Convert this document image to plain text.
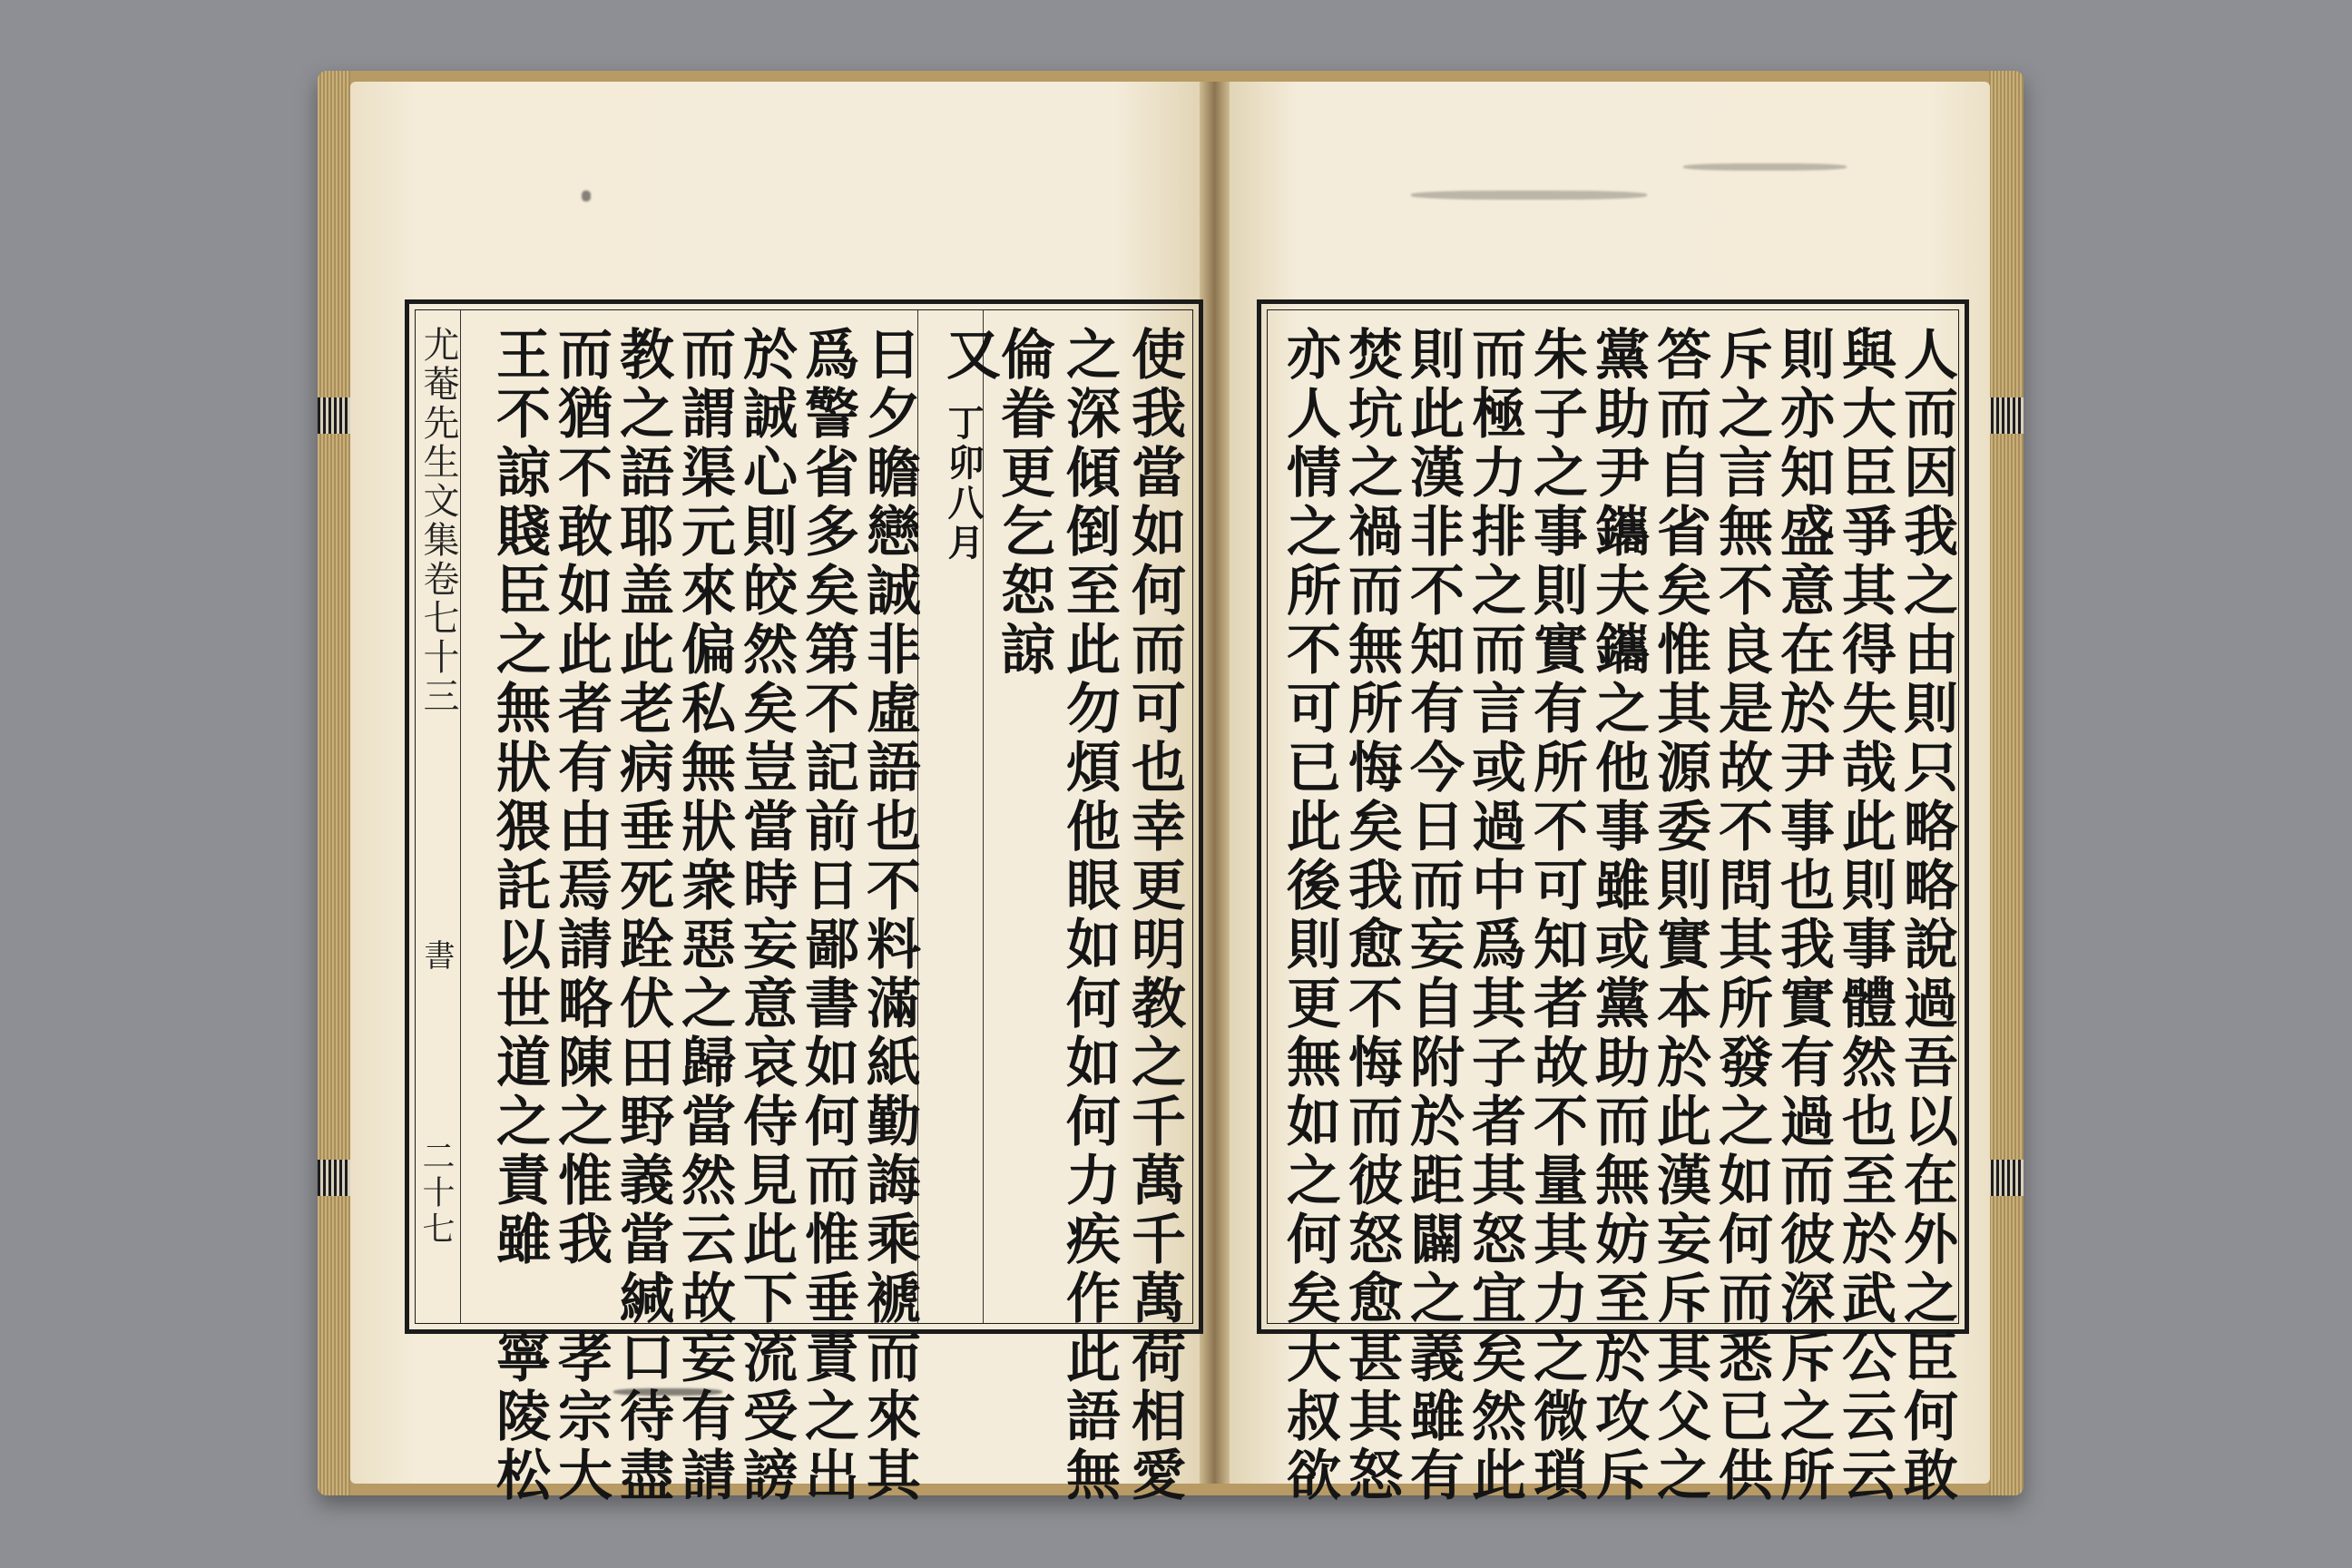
尤菴先生文集卷七十三
書
二十七	使我當如何而可也幸更明教之千萬千萬荷相愛
之深傾倒至此勿煩他眼如何如何力疾作此語無
倫眷更乞恕諒
又
丁卯八月
日夕瞻戀誠非虛語也不料滿紙勤誨乘褫而來其
爲警省多矣第不記前日鄙書如何而惟垂責之出
於誠心則皎然矣豈當時妄意哀侍見此下流受謗
而謂渠元來偏私無狀衆惡之歸當然云故妄有請
教之語耶盖此老病垂死跧伏田野義當緘口待盡
而猶不敢如此者有由焉請略陳之惟我　孝宗大
王不諒賤臣之無狀猥託以世道之責雖　寧陵松	人而因我之由則只略略說過吾以在外之臣何敢
與大臣爭其得失哉此則事體然也至於武公云云
則亦知盛意在於尹事也我實有過而彼深斥之所
斥之言無不良是故不問其所發之如何而悉已供
答而自省矣惟其源委則實本於此漢妄斥其父之
黨助尹鑴夫鑴之他事雖或黨助而無妨至於攻斥
朱子之事則實有所不可知者故不量其力之微瑣
而極力排之而言或過中爲其子者其怒宜矣然此
則此漢非不知有今日而妄自附於距闢之義雖有
焚坑之禍而無所悔矣我愈不悔而彼怒愈甚其怒
亦人情之所不可已此後則更無如之何矣大叔欲
